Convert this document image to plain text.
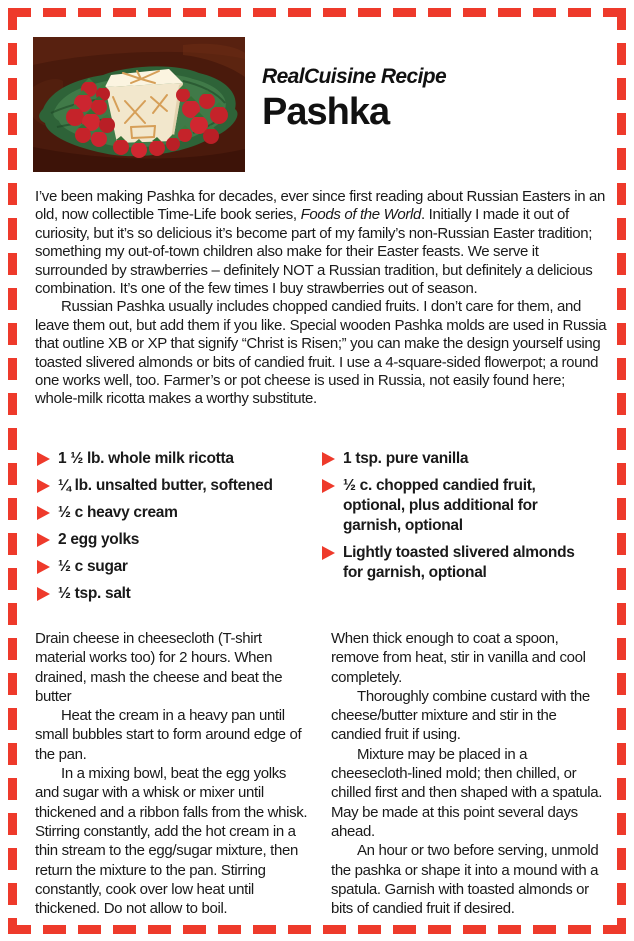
RealCuisine Recipe
Pashka

I’ve been making Pashka for decades, ever since first reading about Russian Easters in an old, now collectible Time-Life book series, Foods of the World. Initially I made it out of curiosity, but it’s so delicious it’s become part of my family’s non-Russian Easter tradition; something my out-of-town children also make for their Easter feasts. We serve it surrounded by strawberries – definitely NOT a Russian tradition, but definitely a delicious combination. It’s one of the few times I buy strawberries out of season.

Russian Pashka usually includes chopped candied fruits. I don’t care for them, and leave them out, but add them if you like. Special wooden Pashka molds are used in Russia that outline XB or XP that signify “Christ is Risen;” you can make the design yourself using toasted slivered almonds or bits of candied fruit. I use a 4-square-sided flowerpot; a round one works well, too. Farmer’s or pot cheese is used in Russia, not easily found here; whole-milk ricotta makes a worthy substitute.

1 ½ lb. whole milk ricotta
¼ lb. unsalted butter, softened
½ c heavy cream
2 egg yolks
½ c sugar
½ tsp. salt
1 tsp. pure vanilla
½ c. chopped candied fruit, optional, plus additional for garnish, optional
Lightly toasted slivered almonds for garnish, optional

Drain cheese in cheesecloth (T-shirt material works too) for 2 hours. When drained, mash the cheese and beat the butter

Heat the cream in a heavy pan until small bubbles start to form around edge of the pan.

In a mixing bowl, beat the egg yolks and sugar with a whisk or mixer until thickened and a ribbon falls from the whisk. Stirring constantly, add the hot cream in a thin stream to the egg/sugar mixture, then return the mixture to the pan. Stirring constantly, cook over low heat until thickened. Do not allow to boil.

When thick enough to coat a spoon, remove from heat, stir in vanilla and cool completely.

Thoroughly combine custard with the cheese/butter mixture and stir in the candied fruit if using.

Mixture may be placed in a cheesecloth-lined mold; then chilled, or chilled first and then shaped with a spatula. May be made at this point several days ahead.

An hour or two before serving, unmold the pashka or shape it into a mound with a spatula. Garnish with toasted almonds or bits of candied fruit if desired.
